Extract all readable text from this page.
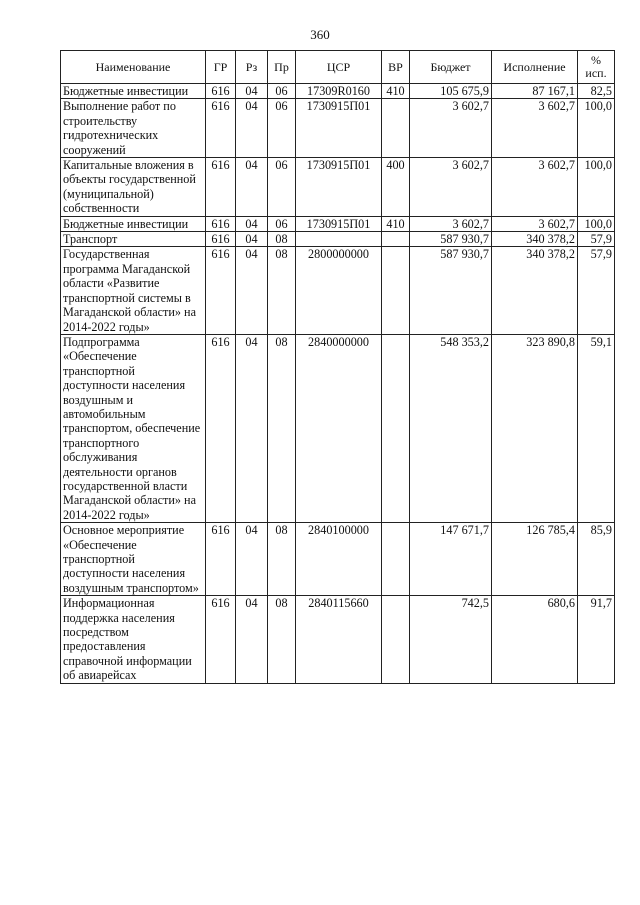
360
Наименование	ГР	Рз	Пр	ЦСР	ВР	Бюджет	Исполнение	%
исп.
Бюджетные инвестиции	616	04	06	17309R0160	410	105 675,9	87 167,1	82,5
Выполнение работ по строительству гидротехнических сооружений	616	04	06	1730915П01		3 602,7	3 602,7	100,0
Капитальные вложения в объекты государственной (муниципальной) собственности	616	04	06	1730915П01	400	3 602,7	3 602,7	100,0
Бюджетные инвестиции	616	04	06	1730915П01	410	3 602,7	3 602,7	100,0
Транспорт	616	04	08			587 930,7	340 378,2	57,9
Государственная программа Магаданской области «Развитие транспортной системы в Магаданской области» на 2014-2022 годы»	616	04	08	2800000000		587 930,7	340 378,2	57,9
Подпрограмма «Обеспечение транспортной доступности населения воздушным и автомобильным транспортом, обеспечение транспортного обслуживания деятельности органов государственной власти Магаданской области» на 2014-2022 годы»	616	04	08	2840000000		548 353,2	323 890,8	59,1
Основное мероприятие «Обеспечение транспортной доступности населения воздушным транспортом»	616	04	08	2840100000		147 671,7	126 785,4	85,9
Информационная поддержка населения посредством предоставления справочной информации об авиарейсах	616	04	08	2840115660		742,5	680,6	91,7
